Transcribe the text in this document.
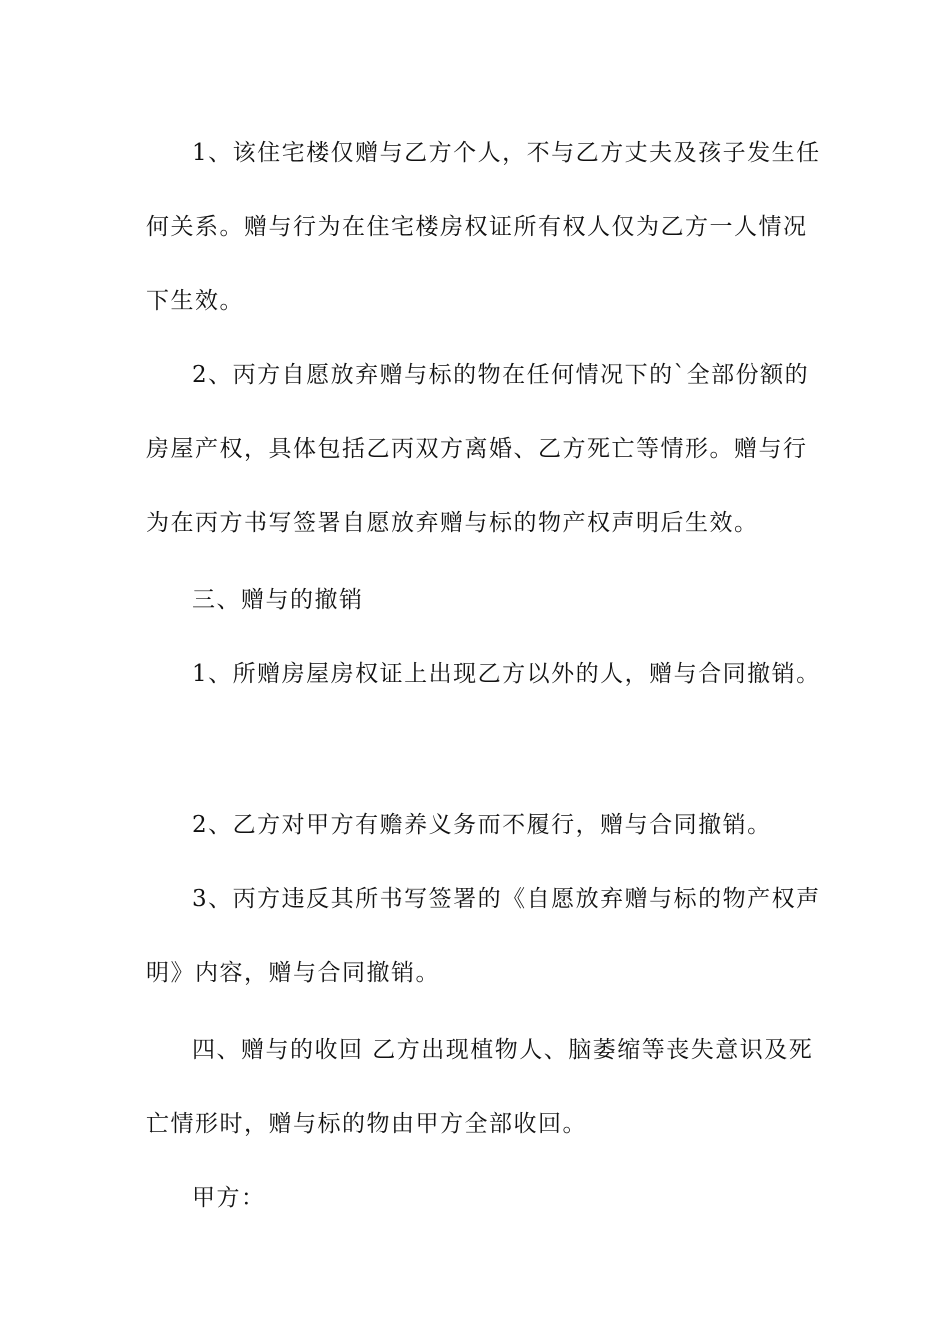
1、该住宅楼仅赠与乙方个人，不与乙方丈夫及孩子发生任
何关系。赠与行为在住宅楼房权证所有权人仅为乙方一人情况
下生效。
2、丙方自愿放弃赠与标的物在任何情况下的`全部份额的
房屋产权，具体包括乙丙双方离婚、乙方死亡等情形。赠与行
为在丙方书写签署自愿放弃赠与标的物产权声明后生效。
三、赠与的撤销
1、所赠房屋房权证上出现乙方以外的人，赠与合同撤销。
2、乙方对甲方有赡养义务而不履行，赠与合同撤销。
3、丙方违反其所书写签署的《自愿放弃赠与标的物产权声
明》内容，赠与合同撤销。
四、赠与的收回 乙方出现植物人、脑萎缩等丧失意识及死
亡情形时，赠与标的物由甲方全部收回。
甲方：
